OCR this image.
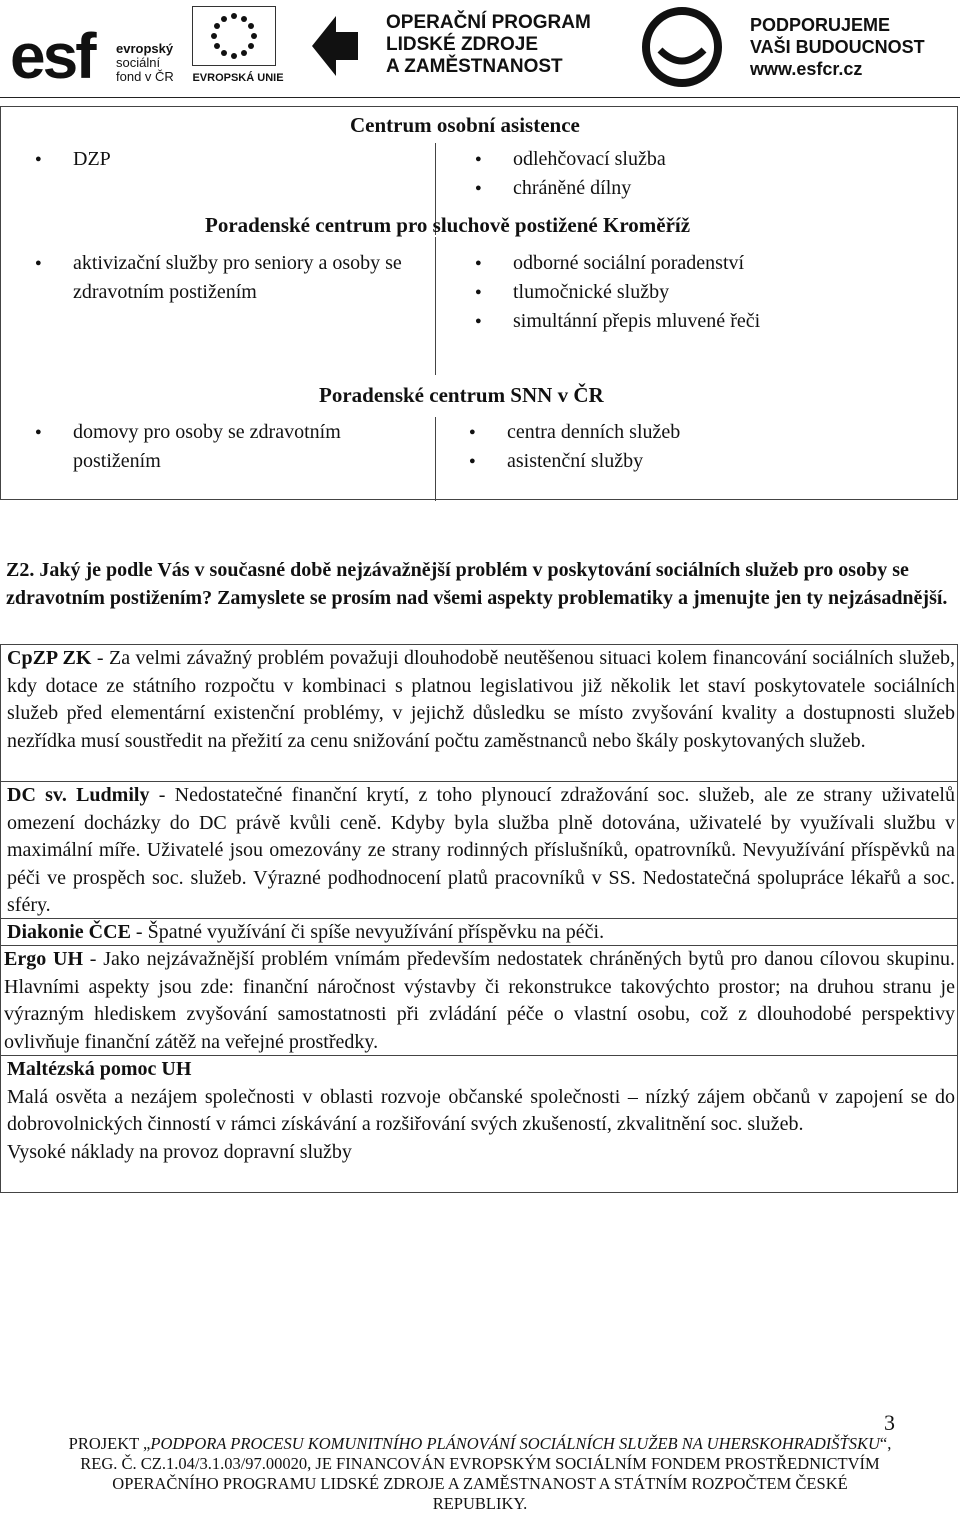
esf evropský
sociální
fond v ČR	EVROPSKÁ UNIE
OPERAČNÍ PROGRAM
LIDSKÉ ZDROJE
A ZAMĚSTNANOST
PODPORUJEME
VAŠI BUDOUCNOST
www.esfcr.cz
Centrum osobní asistence
● DZP
●	odlehčovací služba
● chráněné dílny
Poradenské centrum pro sluchově postižené Kroměříž
● aktivizační služby pro seniory a osoby se zdravotním postižením
● odborné sociální poradenství
● tlumočnické služby
● simultánní přepis mluvené řeči
Poradenské centrum SNN v ČR
● domovy pro osoby se zdravotním postižením
● centra denních služeb
● asistenční služby

Z2. Jaký je podle Vás v současné době nejzávažnější problém v poskytování sociálních služeb pro osoby se zdravotním postižením? Zamyslete se prosím nad všemi aspekty problematiky a jmenujte jen ty nejzásadnější.

CpZP ZK - Za velmi závažný problém považuji dlouhodobě neutěšenou situaci kolem financování sociálních služeb, kdy dotace ze státního rozpočtu v kombinaci s platnou legislativou již několik let staví poskytovatele sociálních služeb před elementární existenční problémy, v jejichž důsledku se místo zvyšování kvality a dostupnosti služeb nezřídka musí soustředit na přežití za cenu snižování počtu zaměstnanců nebo škály poskytovaných služeb.

DC sv. Ludmily - Nedostatečné finanční krytí, z toho plynoucí zdražování soc. služeb, ale ze strany uživatelů omezení docházky do DC právě kvůli ceně. Kdyby byla služba plně dotována, uživatelé by využívali službu v maximální míře. Uživatelé jsou omezovány ze strany rodinných příslušníků, opatrovníků. Nevyužívání příspěvků na péči ve prospěch soc. služeb. Výrazné podhodnocení platů pracovníků v SS. Nedostatečná spolupráce lékařů a soc. sféry.

Diakonie ČCE - Špatné využívání či spíše nevyužívání příspěvku na péči.

Ergo UH - Jako nejzávažnější problém vnímám především nedostatek chráněných bytů pro danou cílovou skupinu. Hlavními aspekty jsou zde: finanční náročnost výstavby či rekonstrukce takovýchto prostor; na druhou stranu je výrazným hlediskem zvyšování samostatnosti při zvládání péče o vlastní osobu, což z dlouhodobé perspektivy ovlivňuje finanční zátěž na veřejné prostředky.

Maltézská pomoc UH

Malá osvěta a nezájem společnosti v oblasti rozvoje občanské společnosti – nízký zájem občanů v zapojení se do dobrovolnických činností v rámci získávání a rozšiřování svých zkušeností, zkvalitnění soc. služeb.

Vysoké náklady na provoz dopravní služby

3
PROJEKT „PODPORA PROCESU KOMUNITNÍHO PLÁNOVÁNÍ SOCIÁLNÍCH SLUŽEB NA UHERSKOHRADIŠŤSKU“,
REG. Č. CZ.1.04/3.1.03/97.00020, JE FINANCOVÁN EVROPSKÝM SOCIÁLNÍM FONDEM PROSTŘEDNICTVÍM
OPERAČNÍHO PROGRAMU LIDSKÉ ZDROJE A ZAMĚSTNANOST A STÁTNÍM ROZPOČTEM ČESKÉ
REPUBLIKY.
